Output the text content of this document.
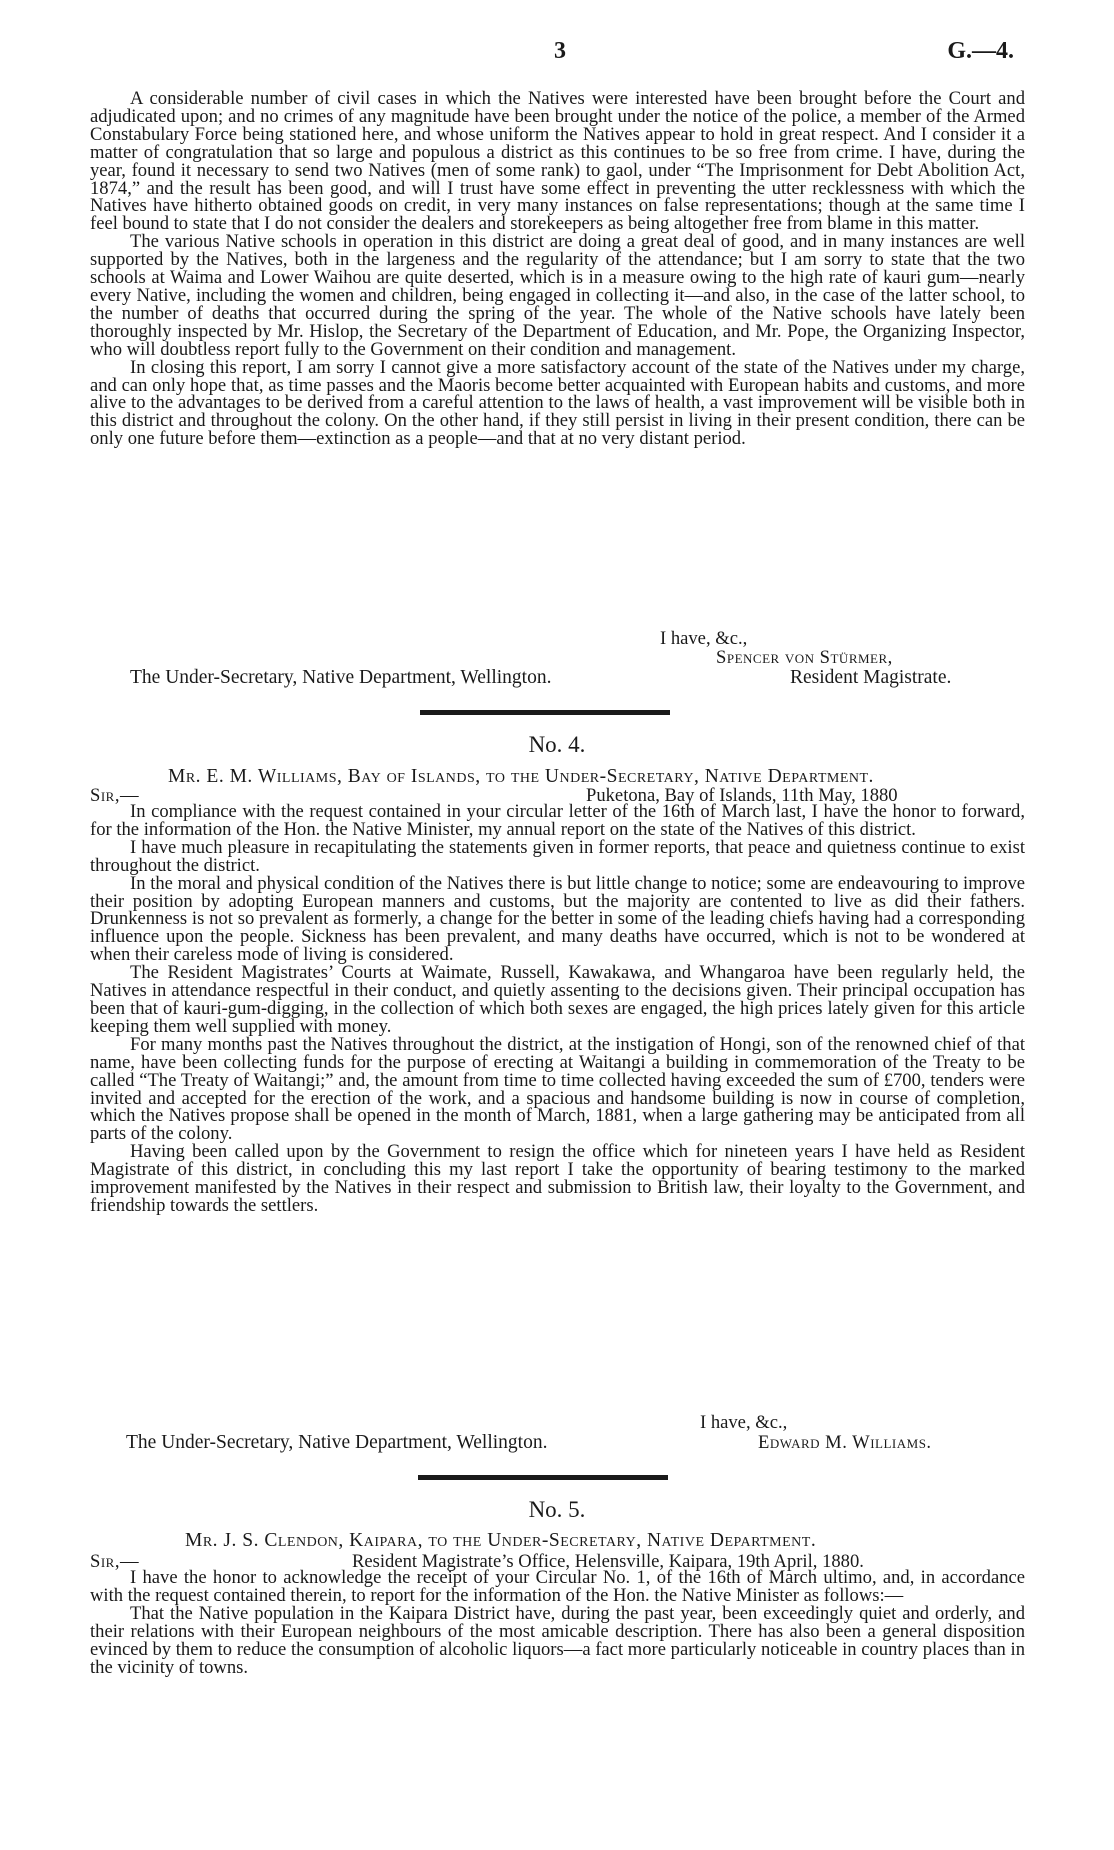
3	G.—4.

A considerable number of civil cases in which the Natives were interested have been brought before the Court and adjudicated upon; and no crimes of any magnitude have been brought under the notice of the police, a member of the Armed Constabulary Force being stationed here, and whose uniform the Natives appear to hold in great respect. And I consider it a matter of congratulation that so large and populous a district as this continues to be so free from crime. I have, during the year, found it necessary to send two Natives (men of some rank) to gaol, under “The Imprisonment for Debt Abolition Act, 1874,” and the result has been good, and will I trust have some effect in preventing the utter recklessness with which the Natives have hitherto obtained goods on credit, in very many instances on false representations; though at the same time I feel bound to state that I do not consider the dealers and storekeepers as being altogether free from blame in this matter.

The various Native schools in operation in this district are doing a great deal of good, and in many instances are well supported by the Natives, both in the largeness and the regularity of the attendance; but I am sorry to state that the two schools at Waima and Lower Waihou are quite deserted, which is in a measure owing to the high rate of kauri gum—nearly every Native, including the women and children, being engaged in collecting it—and also, in the case of the latter school, to the number of deaths that occurred during the spring of the year. The whole of the Native schools have lately been thoroughly inspected by Mr. Hislop, the Secretary of the Department of Education, and Mr. Pope, the Organizing Inspector, who will doubtless report fully to the Government on their condition and management.

In closing this report, I am sorry I cannot give a more satisfactory account of the state of the Natives under my charge, and can only hope that, as time passes and the Maoris become better acquainted with European habits and customs, and more alive to the advantages to be derived from a careful attention to the laws of health, a vast improvement will be visible both in this district and throughout the colony. On the other hand, if they still persist in living in their present condition, there can be only one future before them—extinction as a people—and that at no very distant period.

I have, &c.,
Spencer von Stürmer,
The Under-Secretary, Native Department, Wellington.	Resident Magistrate.
No. 4.
Mr. E. M. Williams, Bay of Islands, to the Under-Secretary, Native Department.
Sir,—	Puketona, Bay of Islands, 11th May, 1880

In compliance with the request contained in your circular letter of the 16th of March last, I have the honor to forward, for the information of the Hon. the Native Minister, my annual report on the state of the Natives of this district.

I have much pleasure in recapitulating the statements given in former reports, that peace and quietness continue to exist throughout the district.

In the moral and physical condition of the Natives there is but little change to notice; some are endeavouring to improve their position by adopting European manners and customs, but the majority are contented to live as did their fathers. Drunkenness is not so prevalent as formerly, a change for the better in some of the leading chiefs having had a corresponding influence upon the people. Sickness has been prevalent, and many deaths have occurred, which is not to be wondered at when their careless mode of living is considered.

The Resident Magistrates’ Courts at Waimate, Russell, Kawakawa, and Whangaroa have been regularly held, the Natives in attendance respectful in their conduct, and quietly assenting to the decisions given. Their principal occupation has been that of kauri-gum-digging, in the collection of which both sexes are engaged, the high prices lately given for this article keeping them well supplied with money.

For many months past the Natives throughout the district, at the instigation of Hongi, son of the renowned chief of that name, have been collecting funds for the purpose of erecting at Waitangi a building in commemoration of the Treaty to be called “The Treaty of Waitangi;” and, the amount from time to time collected having exceeded the sum of £700, tenders were invited and accepted for the erection of the work, and a spacious and handsome building is now in course of completion, which the Natives propose shall be opened in the month of March, 1881, when a large gathering may be anticipated from all parts of the colony.

Having been called upon by the Government to resign the office which for nineteen years I have held as Resident Magistrate of this district, in concluding this my last report I take the opportunity of bearing testimony to the marked improvement manifested by the Natives in their respect and submission to British law, their loyalty to the Government, and friendship towards the settlers.

I have, &c.,
The Under-Secretary, Native Department, Wellington.	Edward M. Williams.
No. 5.
Mr. J. S. Clendon, Kaipara, to the Under-Secretary, Native Department.
Sir,—	Resident Magistrate’s Office, Helensville, Kaipara, 19th April, 1880.

I have the honor to acknowledge the receipt of your Circular No. 1, of the 16th of March ultimo, and, in accordance with the request contained therein, to report for the information of the Hon. the Native Minister as follows:—

That the Native population in the Kaipara District have, during the past year, been exceedingly quiet and orderly, and their relations with their European neighbours of the most amicable description. There has also been a general disposition evinced by them to reduce the consumption of alcoholic liquors—a fact more particularly noticeable in country places than in the vicinity of towns.
